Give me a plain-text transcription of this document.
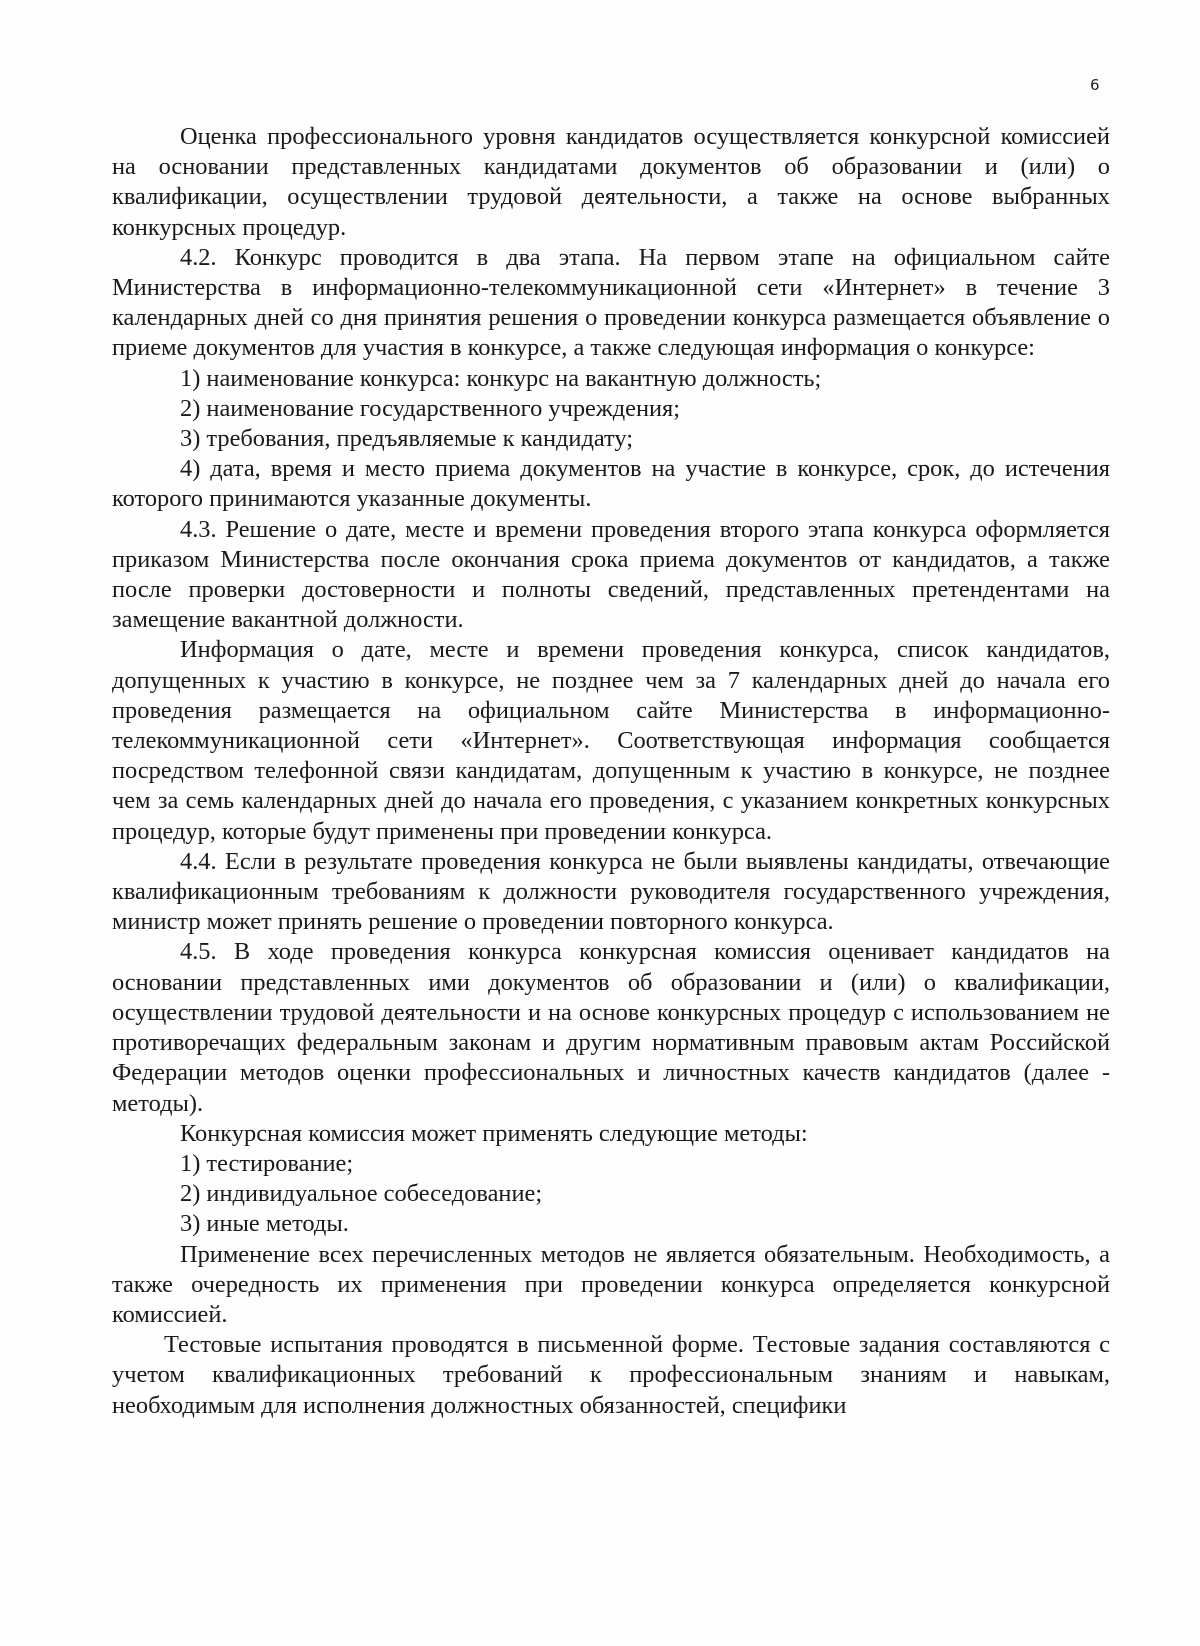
6

Оценка профессионального уровня кандидатов осуществляется конкурсной комиссией на основании представленных кандидатами документов об образовании и (или) о квалификации, осуществлении трудовой деятельности, а также на основе выбранных конкурсных процедур.

4.2. Конкурс проводится в два этапа. На первом этапе на официальном сайте Министерства в информационно-телекоммуникационной сети «Интернет» в течение 3 календарных дней со дня принятия решения о проведении конкурса размещается объявление о приеме документов для участия в конкурсе, а также следующая информация о конкурсе:

1) наименование конкурса: конкурс на вакантную должность;

2) наименование государственного учреждения;

3) требования, предъявляемые к кандидату;

4) дата, время и место приема документов на участие в конкурсе, срок, до истечения которого принимаются указанные документы.

4.3. Решение о дате, месте и времени проведения второго этапа конкурса оформляется приказом Министерства после окончания срока приема документов от кандидатов, а также после проверки достоверности и полноты сведений, представленных претендентами на замещение вакантной должности.

Информация о дате, месте и времени проведения конкурса, список кандидатов, допущенных к участию в конкурсе, не позднее чем за 7 календарных дней до начала его проведения размещается на официальном сайте Министерства в информационно-телекоммуникационной сети «Интернет». Соответствующая информация сообщается посредством телефонной связи кандидатам, допущенным к участию в конкурсе, не позднее чем за семь календарных дней до начала его проведения, с указанием конкретных конкурсных процедур, которые будут применены при проведении конкурса.

4.4. Если в результате проведения конкурса не были выявлены кандидаты, отвечающие квалификационным требованиям к должности руководителя государственного учреждения, министр может принять решение о проведении повторного конкурса.

4.5. В ходе проведения конкурса конкурсная комиссия оценивает кандидатов на основании представленных ими документов об образовании и (или) о квалификации, осуществлении трудовой деятельности и на основе конкурсных процедур с использованием не противоречащих федеральным законам и другим нормативным правовым актам Российской Федерации методов оценки профессиональных и личностных качеств кандидатов (далее - методы).

Конкурсная комиссия может применять следующие методы:

1) тестирование;

2) индивидуальное собеседование;

3) иные методы.

Применение всех перечисленных методов не является обязательным. Необходимость, а также очередность их применения при проведении конкурса определяется конкурсной комиссией.

Тестовые испытания проводятся в письменной форме. Тестовые задания составляются с учетом квалификационных требований к профессиональным знаниям и навыкам, необходимым для исполнения должностных обязанностей, специфики
